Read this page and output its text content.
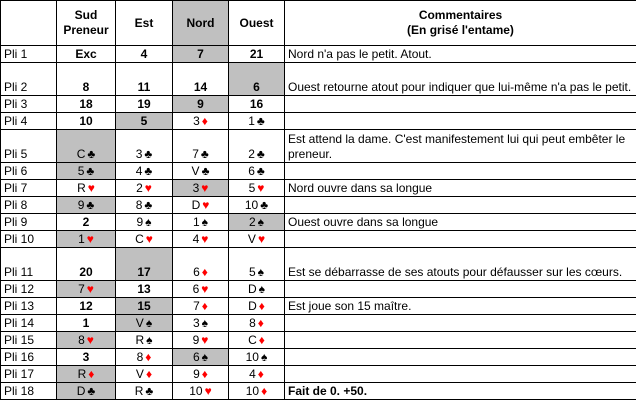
	Sud
Preneur	Est	Nord	Ouest	Commentaires
(En grisé l'entame)
Pli 1	Exc	4	7	21	Nord n'a pas le petit. Atout.
Pli 2	8	11	14	6	Ouest retourne atout pour indiquer que lui-même n'a pas le petit.
Pli 3	18	19	9	16	
Pli 4	10	5	3 ♦	1 ♣	
Pli 5	C ♣	3 ♣	7 ♣	2 ♣	Est attend la dame. C'est manifestement lui qui peut embêter le preneur.
Pli 6	5 ♣	4 ♣	V ♣	6 ♣	
Pli 7	R ♥	2 ♥	3 ♥	5 ♥	Nord ouvre dans sa longue
Pli 8	9 ♣	8 ♣	D ♥	10 ♣	
Pli 9	2	9 ♠	1 ♠	2 ♠	Ouest ouvre dans sa longue
Pli 10	1 ♥	C ♥	4 ♥	V ♥	
Pli 11	20	17	6 ♦	5 ♠	Est se débarrasse de ses atouts pour défausser sur les cœurs.
Pli 12	7 ♥	13	6 ♥	D ♠	
Pli 13	12	15	7 ♦	D ♦	Est joue son 15 maître.
Pli 14	1	V ♠	3 ♠	8 ♦	
Pli 15	8 ♥	R ♠	9 ♥	C ♦	
Pli 16	3	8 ♦	6 ♠	10 ♠	
Pli 17	R ♦	V ♦	9 ♦	4 ♦	
Pli 18	D ♣	R ♣	10 ♥	10 ♦	Fait de 0. +50.
